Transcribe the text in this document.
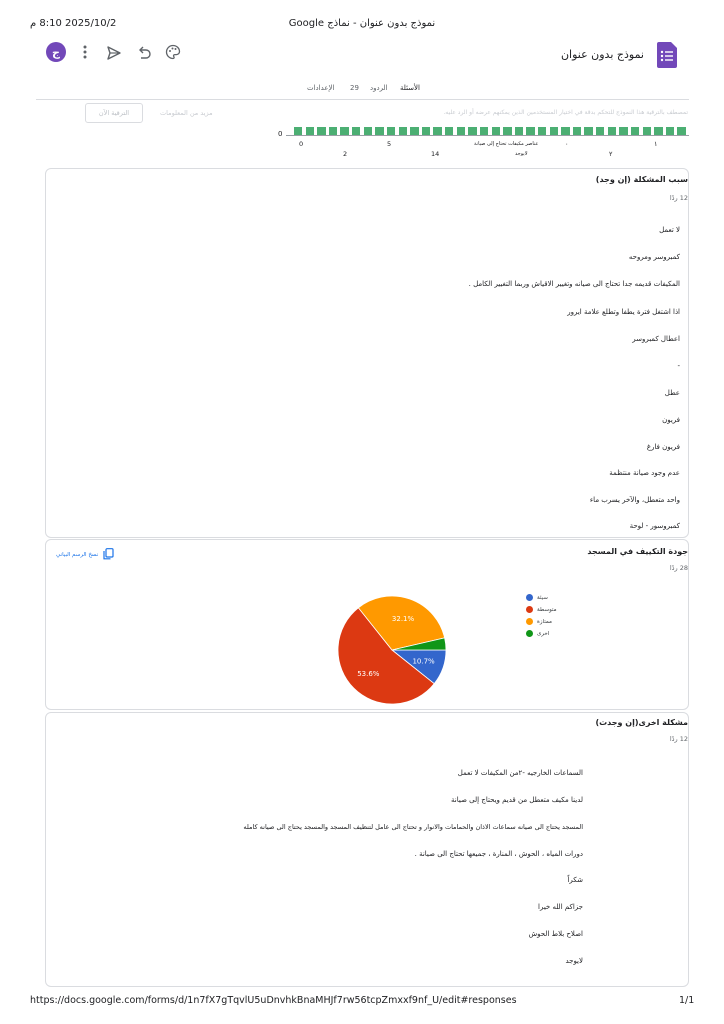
2025/10/2 8:10 م	نموذج بدون عنوان - نماذج Google
ج	نموذج بدون عنوان
الأسئلة
الردود
29
الإعدادات
تمصطف بالترقية هذا النموذج للتحكم بدقة في اختيار المستخدمين الذين يمكنهم عرضه أو الرد عليه.
مزيد من المعلومات
الترقية الآن
0
0	5	٠	١
عناصر مكيفات تحتاج إلى صيانة
2	14	لايوجد	٢
سبب المشكلة (إن وجد)
12 ردًا
لا تعمل
كمبروسر ومروحه
المكيفات قديمه جدا تحتاج الى صيانه وتغيير الاقياش وربما التغيير الكامل .
اذا اشتغل فترة يطفا وتطلع علامة ايرور
اعطال كمبروسر
-
عطل
فريون
فريون فارغ
عدم وجود صيانة منتظمة
واحد متعطل، والآخر يسرب ماء
كمبروسور - لوحة
جودة التكييف في المسجد
28 ردًا
نسخ الرسم البياني
10.7%
53.6%
32.1%
سيئة
متوسطة
ممتازة
اخرى
مشكلة اخرى(إن وجدت)
12 ردًا
السماعات الخارجيه -٢من المكيفات لا تعمل
لدينا مكيف متعطل من قديم ويحتاج إلى صيانة
المسجد يحتاج الى صيانه سماعات الاذان والحمامات والانوار و تحتاج الى عامل لتنظيف المسجد والمسجد يحتاج الى صيانه كامله
دورات المياه ، الحوش ، المنارة ، جميعها تحتاج الى صيانة .
شكراً
جزاكم الله خيرا
اصلاح بلاط الحوش
لايوجد
https://docs.google.com/forms/d/1n7fX7gTqvlU5uDnvhkBnaMHJf7rw56tcpZmxxf9nf_U/edit#responses	1/1
